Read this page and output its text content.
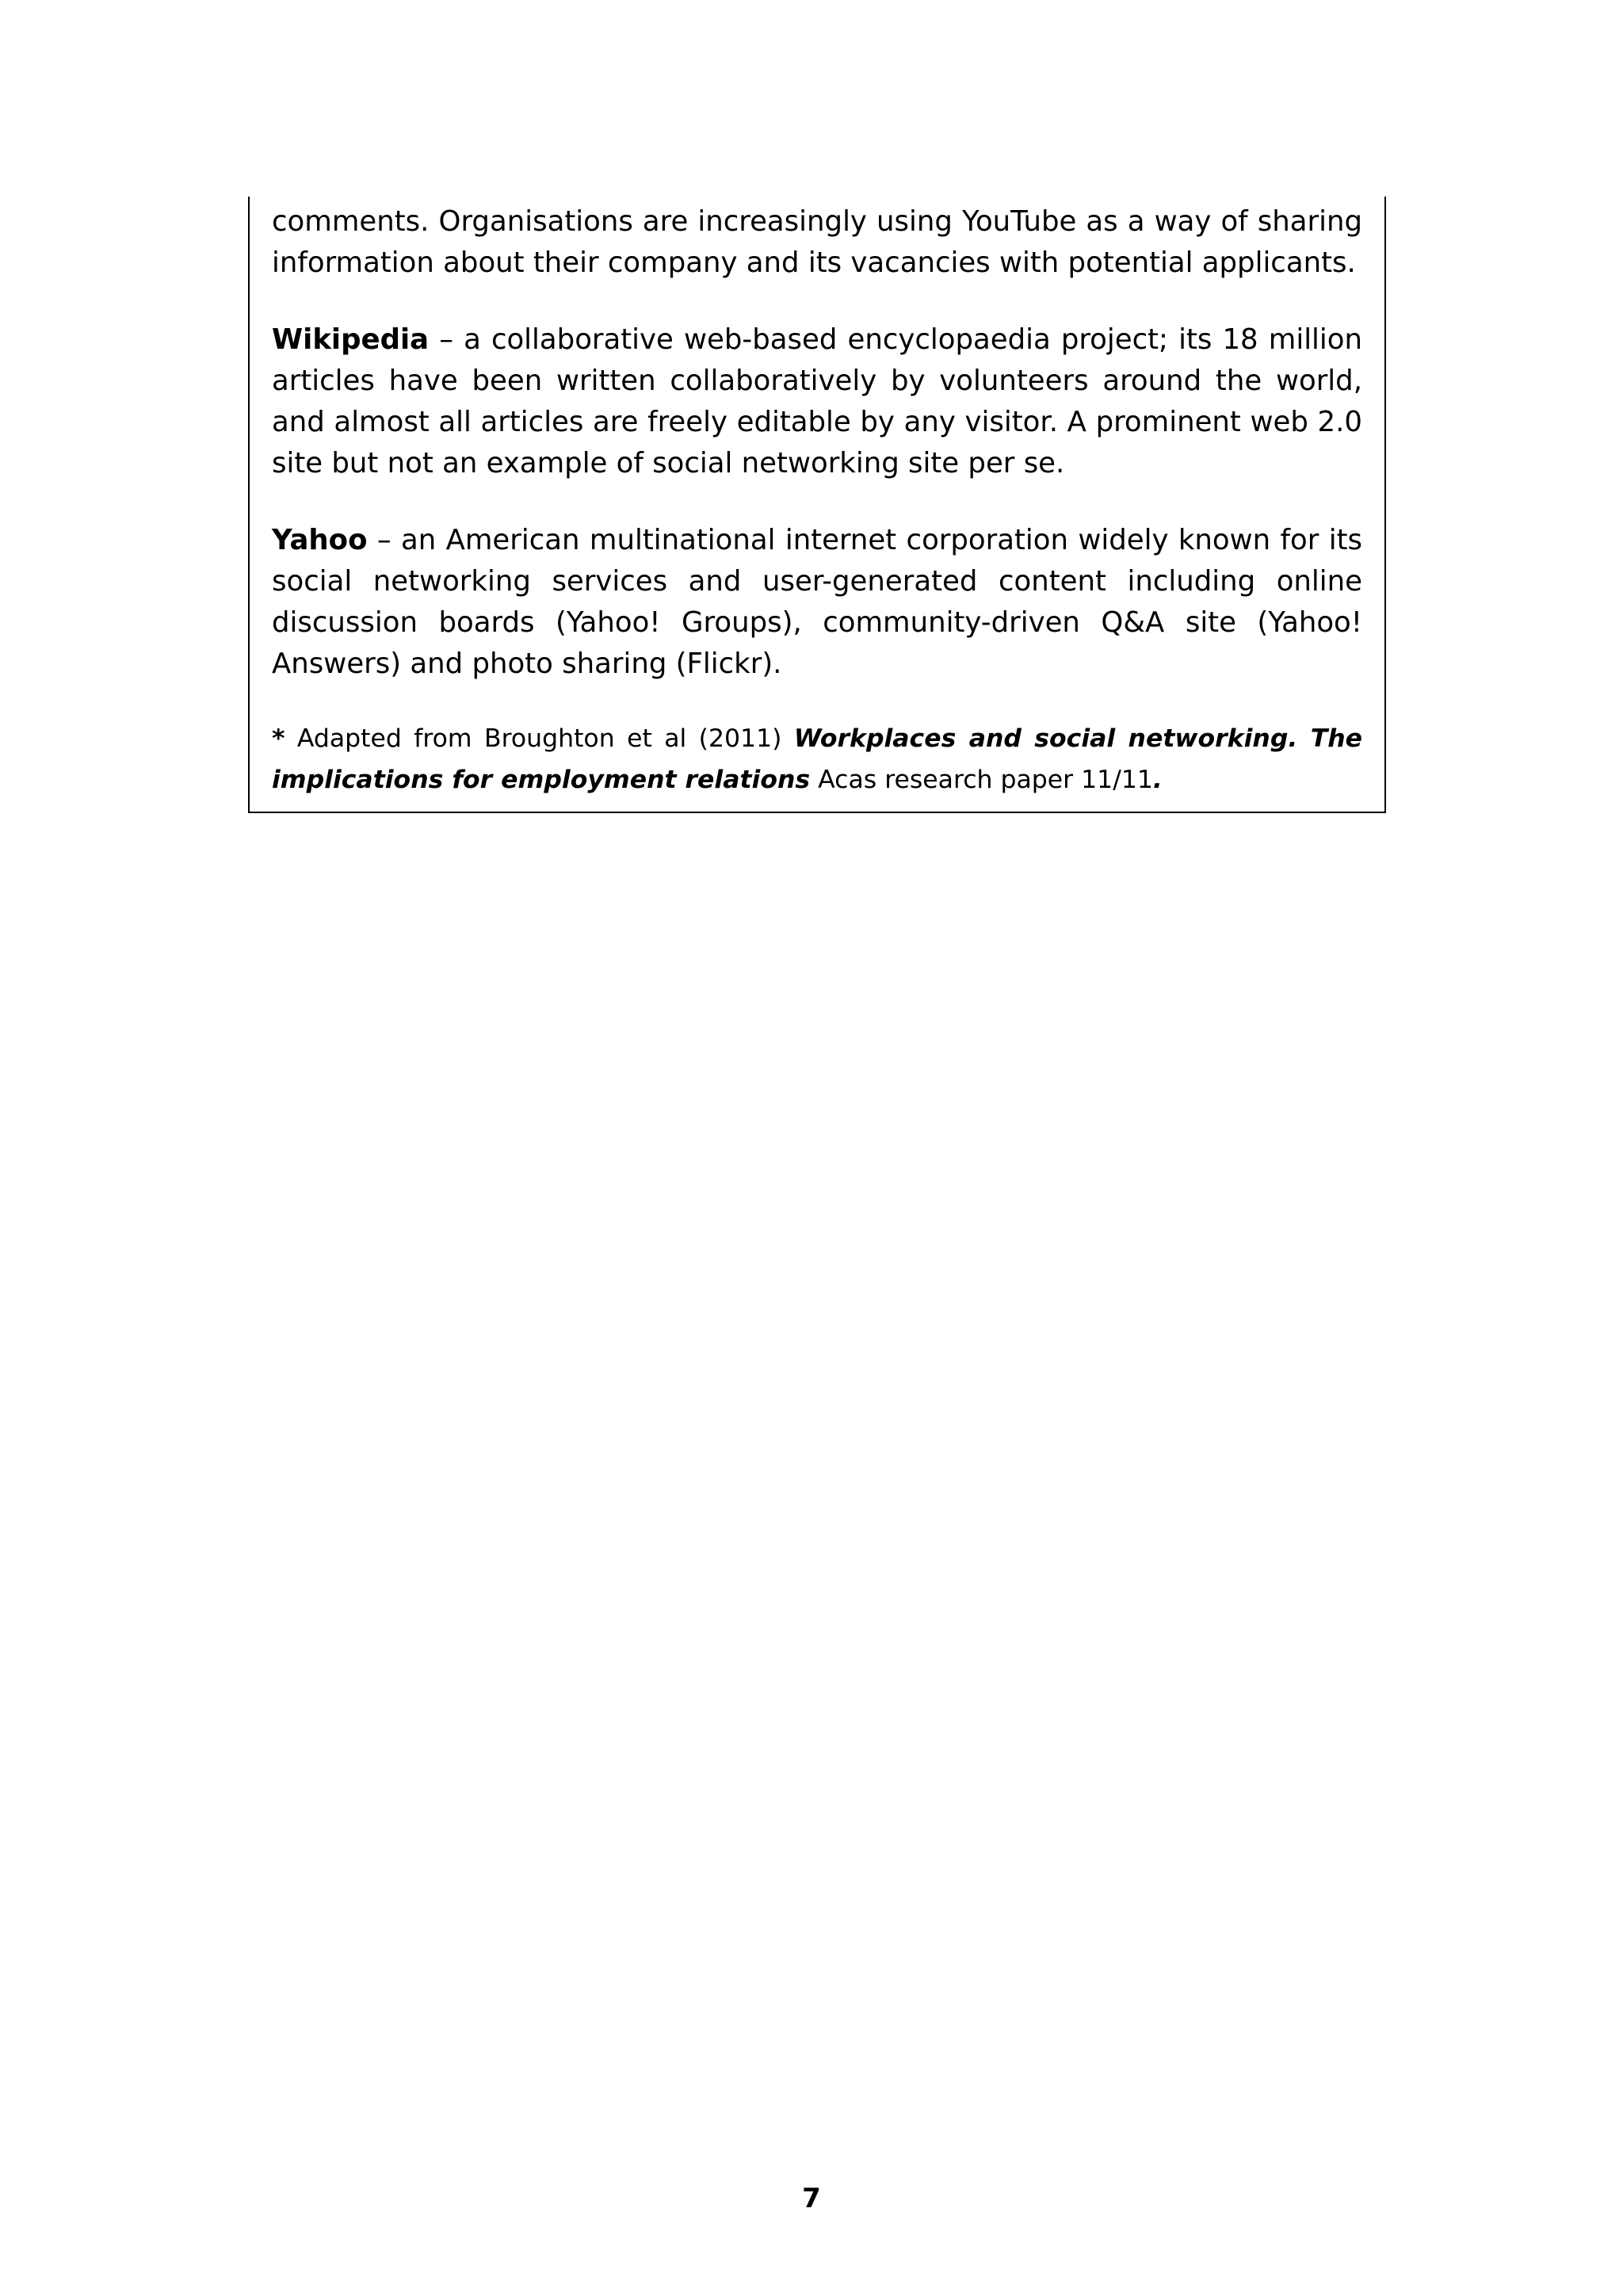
comments. Organisations are increasingly using YouTube as a way of sharing information about their company and its vacancies with potential applicants.

Wikipedia – a collaborative web-based encyclopaedia project; its 18 million articles have been written collaboratively by volunteers around the world, and almost all articles are freely editable by any visitor. A prominent web 2.0 site but not an example of social networking site per se.

Yahoo – an American multinational internet corporation widely known for its social networking services and user-generated content including online discussion boards (Yahoo! Groups), community-driven Q&A site (Yahoo! Answers) and photo sharing (Flickr).

* Adapted from Broughton et al (2011) Workplaces and social networking. The implications for employment relations Acas research paper 11/11.

7
